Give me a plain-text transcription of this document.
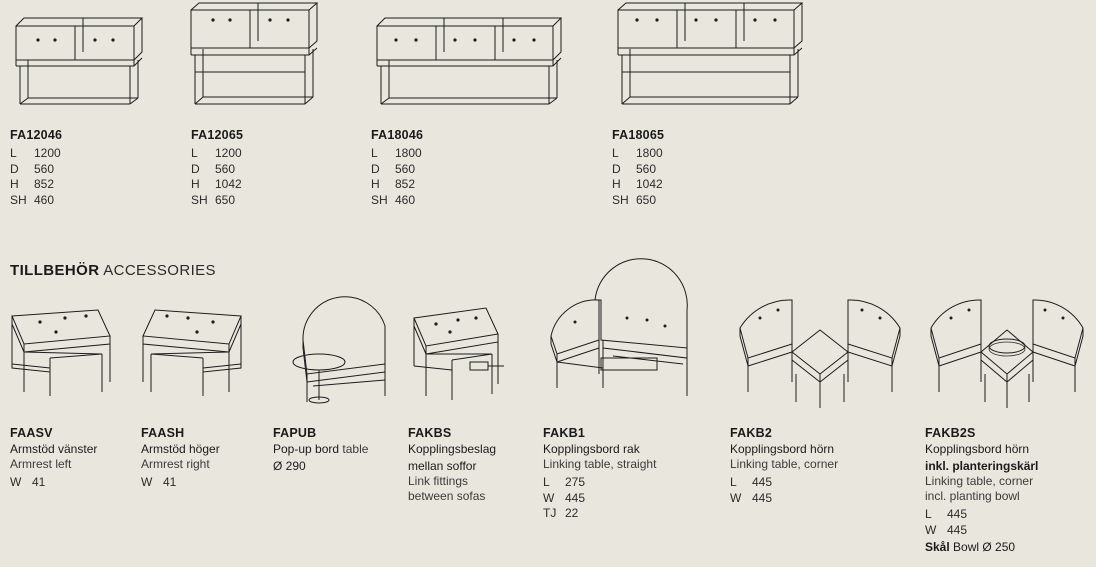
FA12046
L 1200
D 560
H 852
SH 460
FA12065
L 1200
D 560
H 1042
SH 650
FA18046
L 1800
D 560
H 852
SH 460
FA18065
L 1800
D 560
H 1042
SH 650
TILLBEHÖR ACCESSORIES
FAASV
Armstöd vänster
Armrest left
W 41
FAASH
Armstöd höger
Armrest right
W 41
FAPUB
Pop-up bord table
Ø 290
FAKBS
Kopplingsbeslag
mellan soffor
Link fittings
between sofas
FAKB1
Kopplingsbord rak
Linking table, straight
L 275
W 445
TJ 22
FAKB2
Kopplingsbord hörn
Linking table, corner
L 445
W 445
FAKB2S
Kopplingsbord hörn
inkl. planteringskärl
Linking table, corner
incl. planting bowl
L 445
W 445
Skål Bowl Ø 250
